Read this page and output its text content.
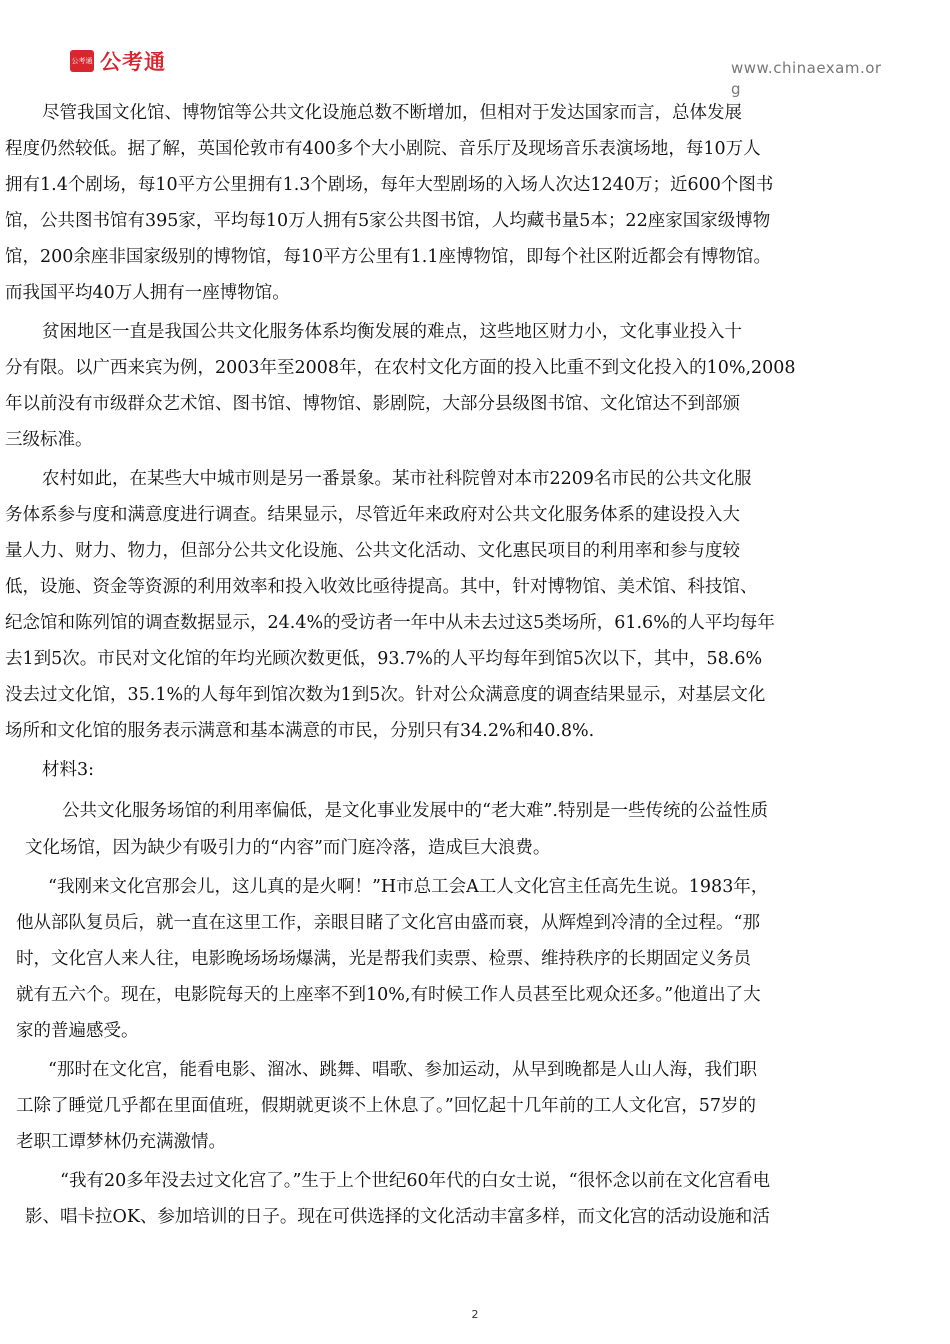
公考通 公考通	www.chinaexam.org
尽管我国文化馆、博物馆等公共文化设施总数不断增加，但相对于发达国家而言，总体发展
程度仍然较低。据了解，英国伦敦市有400多个大小剧院、音乐厅及现场音乐表演场地，每10万人
拥有1.4个剧场，每10平方公里拥有1.3个剧场，每年大型剧场的入场人次达1240万；近600个图书
馆，公共图书馆有395家，平均每10万人拥有5家公共图书馆，人均藏书量5本；22座家国家级博物
馆，200余座非国家级别的博物馆，每10平方公里有1.1座博物馆，即每个社区附近都会有博物馆。
而我国平均40万人拥有一座博物馆。
贫困地区一直是我国公共文化服务体系均衡发展的难点，这些地区财力小，文化事业投入十
分有限。以广西来宾为例，2003年至2008年，在农村文化方面的投入比重不到文化投入的10%,2008
年以前没有市级群众艺术馆、图书馆、博物馆、影剧院，大部分县级图书馆、文化馆达不到部颁
三级标准。
农村如此，在某些大中城市则是另一番景象。某市社科院曾对本市2209名市民的公共文化服
务体系参与度和满意度进行调查。结果显示，尽管近年来政府对公共文化服务体系的建设投入大
量人力、财力、物力，但部分公共文化设施、公共文化活动、文化惠民项目的利用率和参与度较
低，设施、资金等资源的利用效率和投入收效比亟待提高。其中，针对博物馆、美术馆、科技馆、
纪念馆和陈列馆的调查数据显示，24.4%的受访者一年中从未去过这5类场所，61.6%的人平均每年
去1到5次。市民对文化馆的年均光顾次数更低，93.7%的人平均每年到馆5次以下，其中，58.6%
没去过文化馆，35.1%的人每年到馆次数为1到5次。针对公众满意度的调查结果显示，对基层文化
场所和文化馆的服务表示满意和基本满意的市民，分别只有34.2%和40.8%.
材料3:
公共文化服务场馆的利用率偏低，是文化事业发展中的“老大难”.特别是一些传统的公益性质
文化场馆，因为缺少有吸引力的“内容”而门庭冷落，造成巨大浪费。
“我刚来文化宫那会儿，这儿真的是火啊！”H市总工会A工人文化宫主任高先生说。1983年，
他从部队复员后，就一直在这里工作，亲眼目睹了文化宫由盛而衰，从辉煌到冷清的全过程。“那
时，文化宫人来人往，电影晚场场场爆满，光是帮我们卖票、检票、维持秩序的长期固定义务员
就有五六个。现在，电影院每天的上座率不到10%,有时候工作人员甚至比观众还多。”他道出了大
家的普遍感受。
“那时在文化宫，能看电影、溜冰、跳舞、唱歌、参加运动，从早到晚都是人山人海，我们职
工除了睡觉几乎都在里面值班，假期就更谈不上休息了。”回忆起十几年前的工人文化宫，57岁的
老职工谭梦林仍充满激情。
“我有20多年没去过文化宫了。”生于上个世纪60年代的白女士说，“很怀念以前在文化宫看电
影、唱卡拉OK、参加培训的日子。现在可供选择的文化活动丰富多样，而文化宫的活动设施和活
2
